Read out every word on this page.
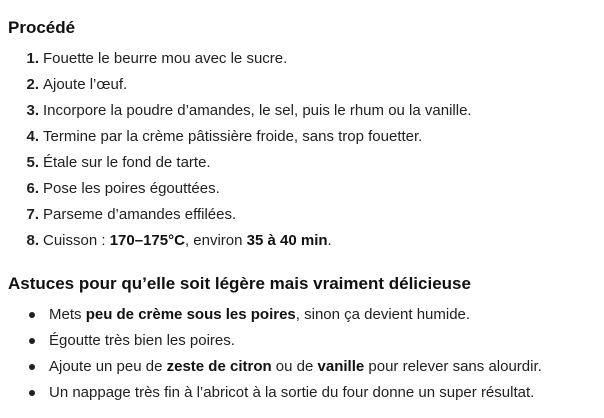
Procédé
1. Fouette le beurre mou avec le sucre.
2. Ajoute l’œuf.
3. Incorpore la poudre d’amandes, le sel, puis le rhum ou la vanille.
4. Termine par la crème pâtissière froide, sans trop fouetter.
5. Étale sur le fond de tarte.
6. Pose les poires égouttées.
7. Parseme d’amandes effilées.
8. Cuisson : 170–175°C, environ 35 à 40 min.
Astuces pour qu’elle soit légère mais vraiment délicieuse
Mets peu de crème sous les poires, sinon ça devient humide.
Égoutte très bien les poires.
Ajoute un peu de zeste de citron ou de vanille pour relever sans alourdir.
Un nappage très fin à l’abricot à la sortie du four donne un super résultat.
